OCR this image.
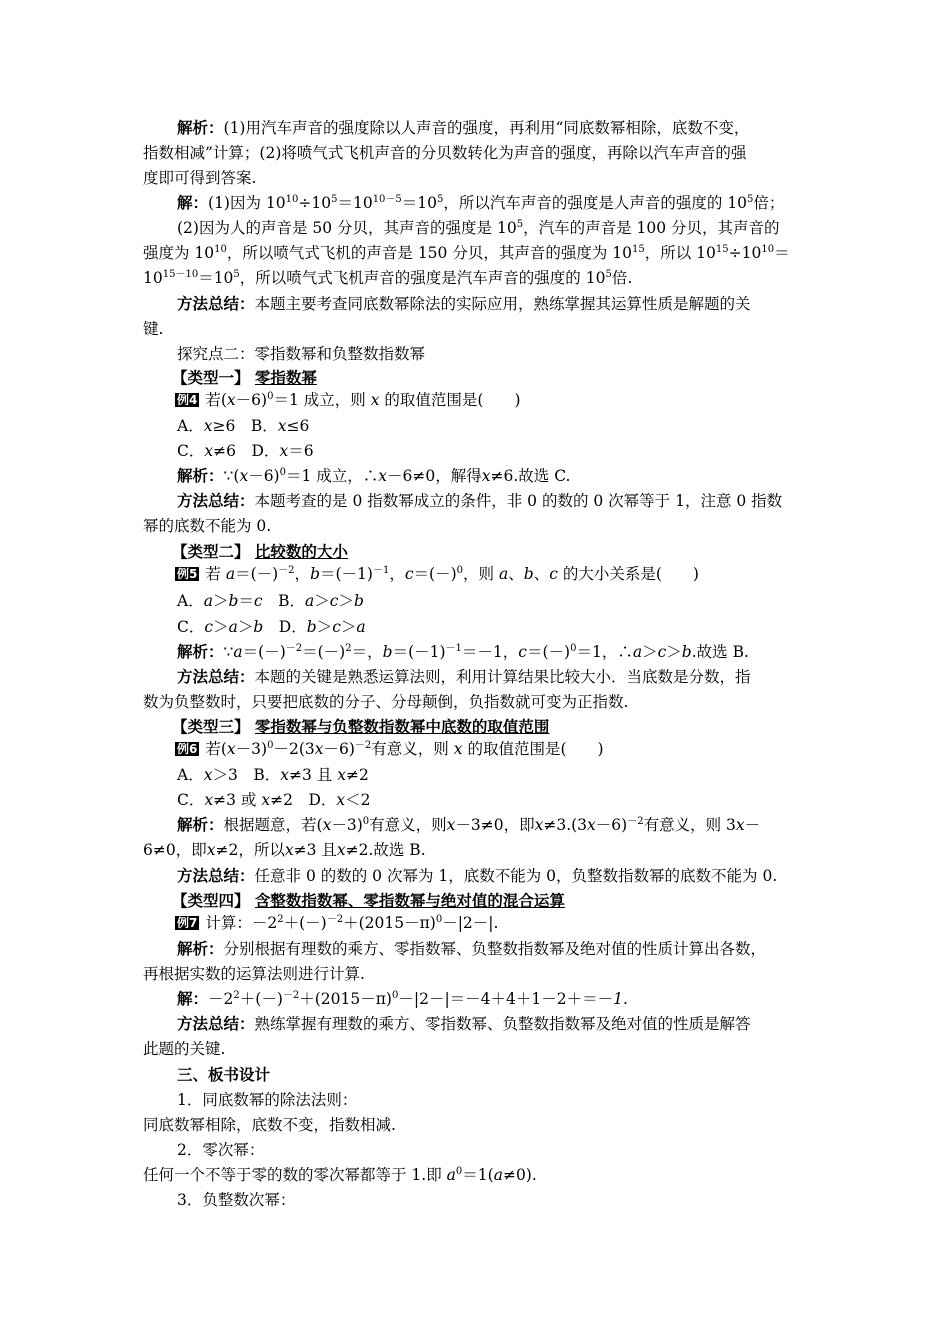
解析：(1)用汽车声音的强度除以人声音的强度，再利用“同底数幂相除，底数不变，
指数相减”计算；(2)将喷气式飞机声音的分贝数转化为声音的强度，再除以汽车声音的强
度即可得到答案.
解：(1)因为 $10^{10}\div 10^5=10^{10-5}=10^5$，所以汽车声音的强度是人声音的强度的 $10^5$倍；
(2)因为人的声音是 50 分贝，其声音的强度是 $10^5$，汽车的声音是 100 分贝，其声音的
强度为 $10^{10}$，所以喷气式飞机的声音是 150 分贝，其声音的强度为 $10^{15}$，所以 $10^{15}\div 10^{10}=$
$10^{15-10}=10^5$，所以喷气式飞机声音的强度是汽车声音的强度的 $10^5$倍.
方法总结：本题主要考查同底数幂除法的实际应用，熟练掌握其运算性质是解题的关
键.
探究点二：零指数幂和负整数指数幂
【类型一】 零指数幂
例4 若$(x-6)^0=1$ 成立，则 x 的取值范围是(　　)
A．x≥6　 B．x≤6
C．x≠6　 D．x＝6
解析：$\because(x-6)^0=1$ 成立，∴x－6≠0，解得x≠6.故选 C.
方法总结：本题考查的是 0 指数幂成立的条件，非 0 的数的 0 次幂等于 1，注意 0 指数
幂的底数不能为 0.
【类型二】 比较数的大小
例5 若 $a=(-)^{-2}$，$b=(-1)^{-1}$，$c=(-)^0$，则 a、b、c 的大小关系是(　　)
A．a＞b＝c　 B．a＞c＞b
C．c＞a＞b　 D．b＞c＞a
解析：$\because a=(-)^{-2}=(-)^2=$，$b=(-1)^{-1}=-1$，$c=(-)^0=1$，∴a＞c＞b.故选 B.
方法总结：本题的关键是熟悉运算法则，利用计算结果比较大小．当底数是分数，指
数为负整数时，只要把底数的分子、分母颠倒，负指数就可变为正指数.
【类型三】 零指数幂与负整数指数幂中底数的取值范围
例6 若$(x-3)^0-2(3x-6)^{-2}$有意义，则 x 的取值范围是(　　)
A．x＞3　 B．x≠3 且 x≠2
C．x≠3 或 x≠2　 D．x＜2
解析：根据题意，若$(x-3)^0$有意义，则x－3≠0，即$x\ne 3.(3x-6)^{-2}$有意义，则 3x－
6≠0，即x≠2，所以x≠3 且x≠2.故选 B.
方法总结：任意非 0 的数的 0 次幂为 1，底数不能为 0，负整数指数幂的底数不能为 0.
【类型四】 含整数指数幂、零指数幂与绝对值的混合运算
例7 计算：$-2^2+(-)^{-2}+(2015-\pi)^0-|2-|$.
解析：分别根据有理数的乘方、零指数幂、负整数指数幂及绝对值的性质计算出各数，
再根据实数的运算法则进行计算.
解：$-2^2+(-)^{-2}+(2015-\pi)^0-|2-|=-4+4+1-2+=-1$.
方法总结：熟练掌握有理数的乘方、零指数幂、负整数指数幂及绝对值的性质是解答
此题的关键.
三、板书设计
1．同底数幂的除法法则：
同底数幂相除，底数不变，指数相减.
2．零次幂：
任何一个不等于零的数的零次幂都等于 1.即 $a^0=1(a\ne 0)$.
3．负整数次幂：
